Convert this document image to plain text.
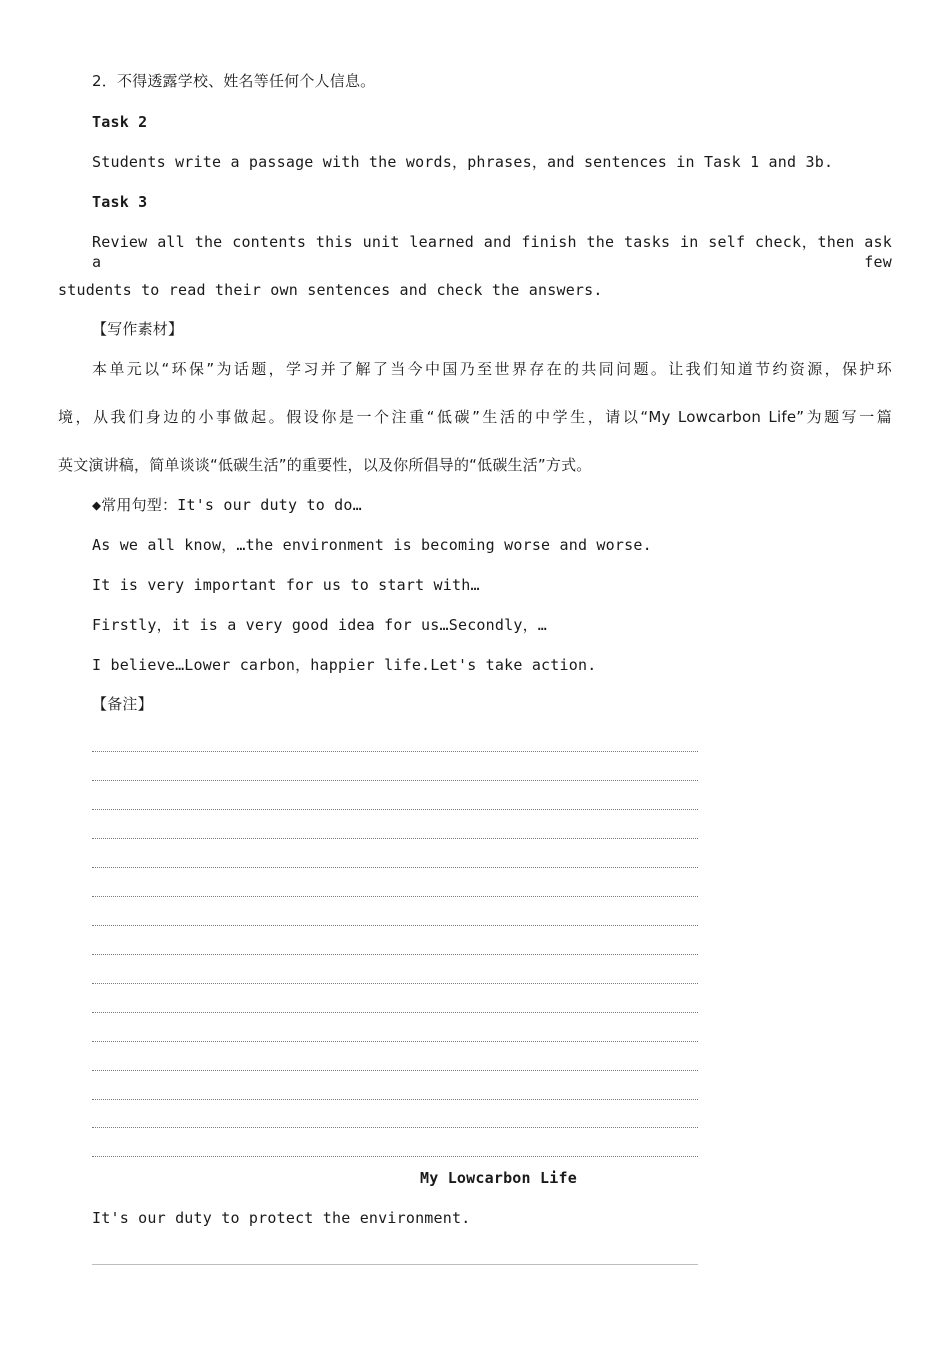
2．不得透露学校、姓名等任何个人信息。
Task 2
Students write a passage with the words，phrases，and sentences in Task 1 and 3b.
Task 3
Review all the contents this unit learned and finish the tasks in self check，then ask a few
students to read their own sentences and check the answers.
【写作素材】
本单元以“环保”为话题，学习并了解了当今中国乃至世界存在的共同问题。让我们知道节约资源，保护环
境，从我们身边的小事做起。假设你是一个注重“低碳”生活的中学生，请以“My Lowcarbon Life”为题写一篇
英文演讲稿，简单谈谈“低碳生活”的重要性，以及你所倡导的“低碳生活”方式。
◆常用句型：It's our duty to do…
As we all know，…the environment is becoming worse and worse.
It is very important for us to start with…
Firstly，it is a very good idea for us…Secondly，…
I believe…Lower carbon，happier life.Let's take action.
【备注】
My Lowcarbon Life
It's our duty to protect the environment.
